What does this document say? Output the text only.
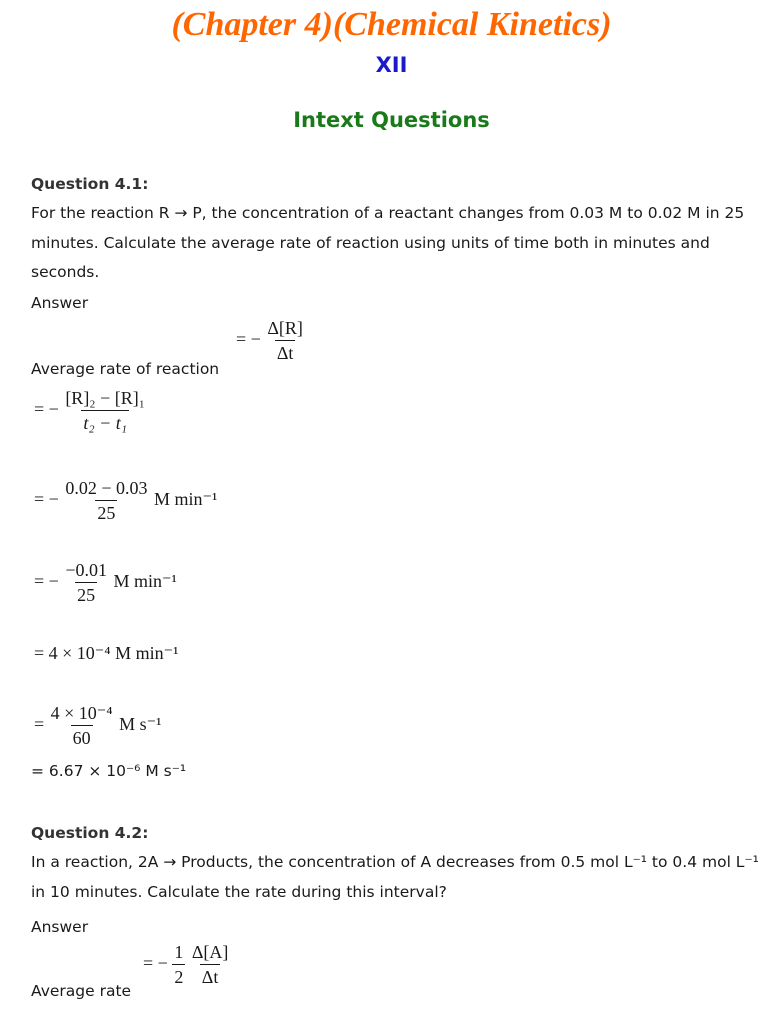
(Chapter 4)(Chemical Kinetics)
XII
Intext Questions
Question 4.1:
For the reaction R → P, the concentration of a reactant changes from 0.03 M to 0.02 M in 25 minutes. Calculate the average rate of reaction using units of time both in minutes and seconds.
Answer
= − $\frac{\Delta[R]}{\Delta t}$
Average rate of reaction
= − $\frac{\text{[R]₂ − [R]₁}}{\text{t₂ − t₁}}$
= − $\frac{0.02 - 0.03}{25}$ M min⁻¹
= − $\frac{-0.01}{25}$ M min⁻¹
= 4 × 10⁻⁴ M min⁻¹
= $\frac{\text{4 × 10⁻⁴}}{60}$ M s⁻¹
= 6.67 × 10⁻⁶ M s⁻¹
Question 4.2:
In a reaction, 2A → Products, the concentration of A decreases from 0.5 mol L⁻¹ to 0.4 mol L⁻¹ in 10 minutes. Calculate the rate during this interval?
Answer
= − $\frac{1}{2}$
$\frac{\Delta[A]}{\Delta t}$
Average rate
